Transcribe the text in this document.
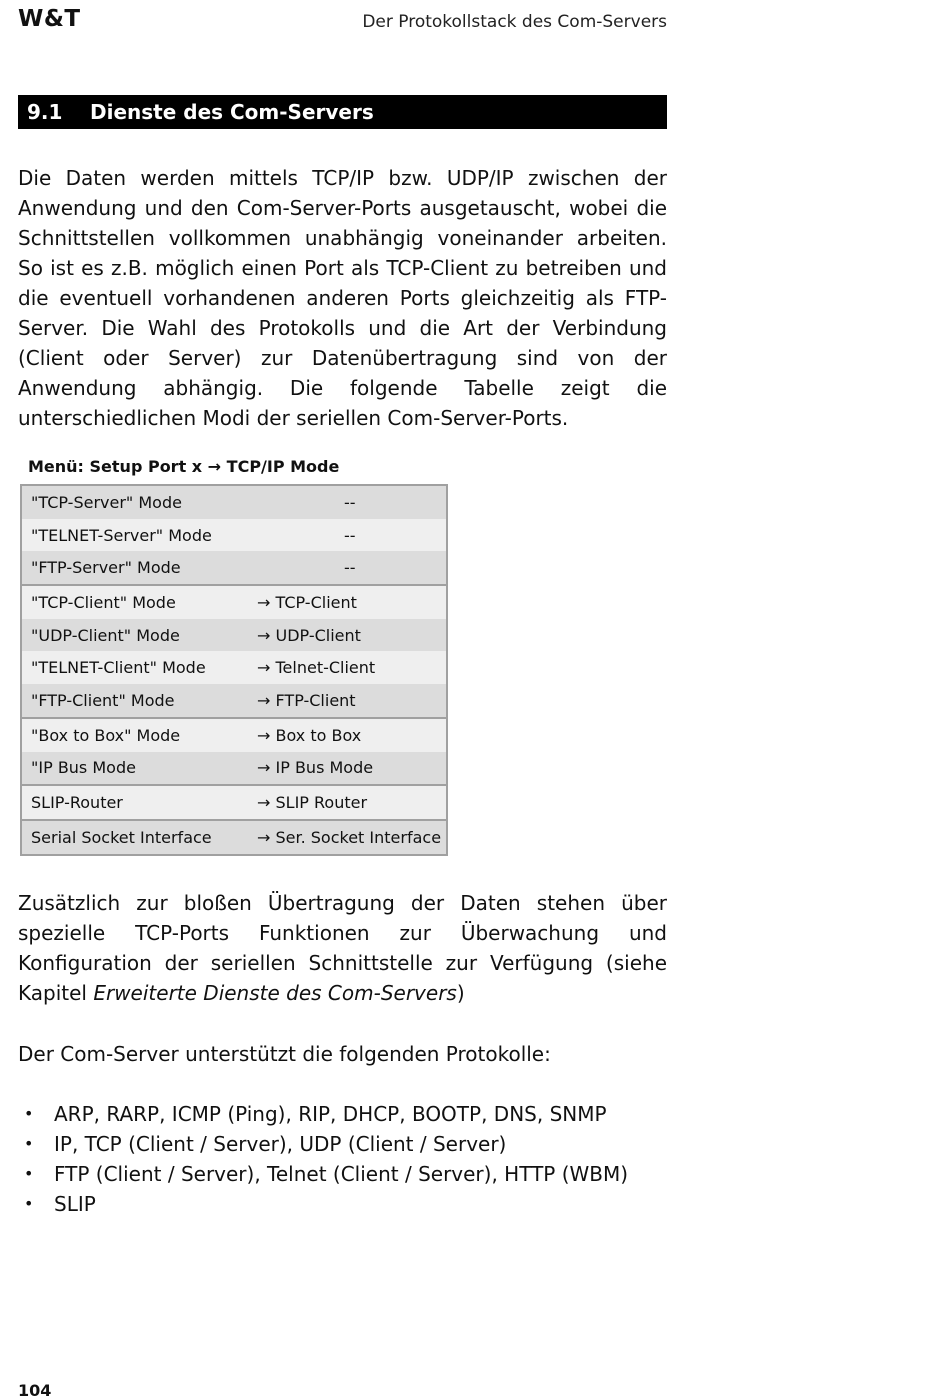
W&T	Der Protokollstack des Com-Servers
9.1	Dienste des Com-Servers

Die Daten werden mittels TCP/IP bzw. UDP/IP zwischen der Anwendung und den Com-Server-Ports ausgetauscht, wobei die Schnittstellen vollkommen unabhängig voneinander arbeiten. So ist es z.B. möglich einen Port als TCP-Client zu betreiben und die eventuell vorhandenen anderen Ports gleichzeitig als FTP-Server. Die Wahl des Protokolls und die Art der Verbindung (Client oder Server) zur Datenübertragung sind von der Anwendung abhängig. Die folgende Tabelle zeigt die unterschiedlichen Modi der seriellen Com-Server-Ports.

Menü: Setup Port x → TCP/IP Mode
"TCP-Server" Mode	--
"TELNET-Server" Mode	--
"FTP-Server" Mode	--
"TCP-Client" Mode	→ TCP-Client
"UDP-Client" Mode	→ UDP-Client
"TELNET-Client" Mode	→ Telnet-Client
"FTP-Client" Mode	→ FTP-Client
"Box to Box" Mode	→ Box to Box
"IP Bus Mode	→ IP Bus Mode
SLIP-Router	→ SLIP Router
Serial Socket Interface	→ Ser. Socket Interface

Zusätzlich zur bloßen Übertragung der Daten stehen über spezielle TCP-Ports Funktionen zur Überwachung und Konfiguration der seriellen Schnittstelle zur Verfügung (siehe Kapitel Erweiterte Dienste des Com-Servers)

Der Com-Server unterstützt die folgenden Protokolle:

• ARP, RARP, ICMP (Ping), RIP, DHCP, BOOTP, DNS, SNMP
• IP, TCP (Client / Server), UDP (Client / Server)
• FTP (Client / Server), Telnet (Client / Server), HTTP (WBM)
• SLIP
104
